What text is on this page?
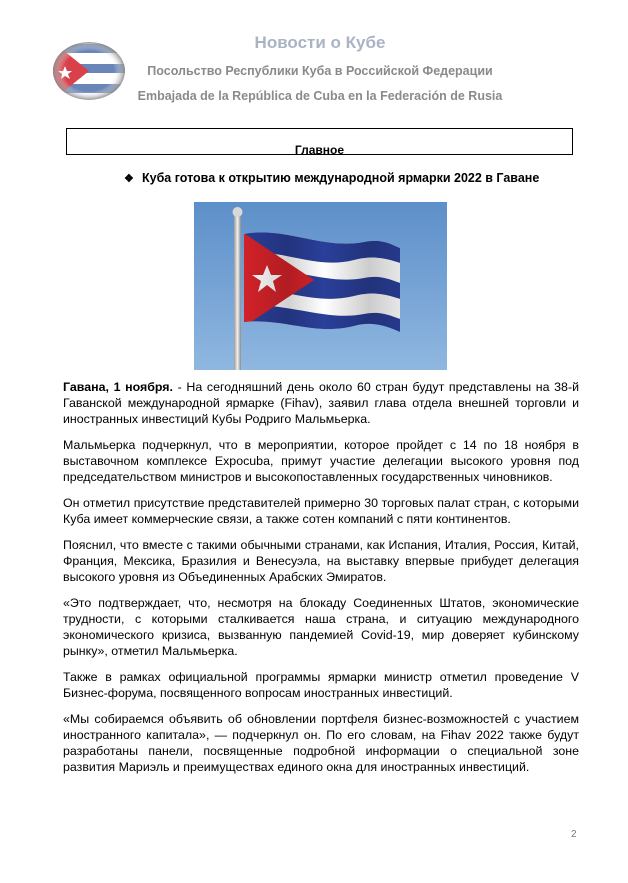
Новости о Кубе
Посольство Республики Куба в Российской Федерации
Embajada de la República de Cuba en la Federación de Rusia
Главное
❖ Куба готова к открытию международной ярмарки 2022 в Гаване

Гавана, 1 ноября. - На сегодняшний день около 60 стран будут представлены на 38-й Гаванской международной ярмарке (Fihav), заявил глава отдела внешней торговли и иностранных инвестиций Кубы Родриго Мальмьерка.

Мальмьерка подчеркнул, что в мероприятии, которое пройдет с 14 по 18 ноября в выставочном комплексе Expocuba, примут участие делегации высокого уровня под председательством министров и высокопоставленных государственных чиновников.

Он отметил присутствие представителей примерно 30 торговых палат стран, с которыми Куба имеет коммерческие связи, а также сотен компаний с пяти континентов.

Пояснил, что вместе с такими обычными странами, как Испания, Италия, Россия, Китай, Франция, Мексика, Бразилия и Венесуэла, на выставку впервые прибудет делегация высокого уровня из Объединенных Арабских Эмиратов.

«Это подтверждает, что, несмотря на блокаду Соединенных Штатов, экономические трудности, с которыми сталкивается наша страна, и ситуацию международного экономического кризиса, вызванную пандемией Covid-19, мир доверяет кубинскому рынку», отметил Мальмьерка.

Также в рамках официальной программы ярмарки министр отметил проведение V Бизнес-форума, посвященного вопросам иностранных инвестиций.

«Мы собираемся объявить об обновлении портфеля бизнес-возможностей с участием иностранного капитала», — подчеркнул он. По его словам, на Fihav 2022 также будут разработаны панели, посвященные подробной информации о специальной зоне развития Мариэль и преимуществах единого окна для иностранных инвестиций.

2
